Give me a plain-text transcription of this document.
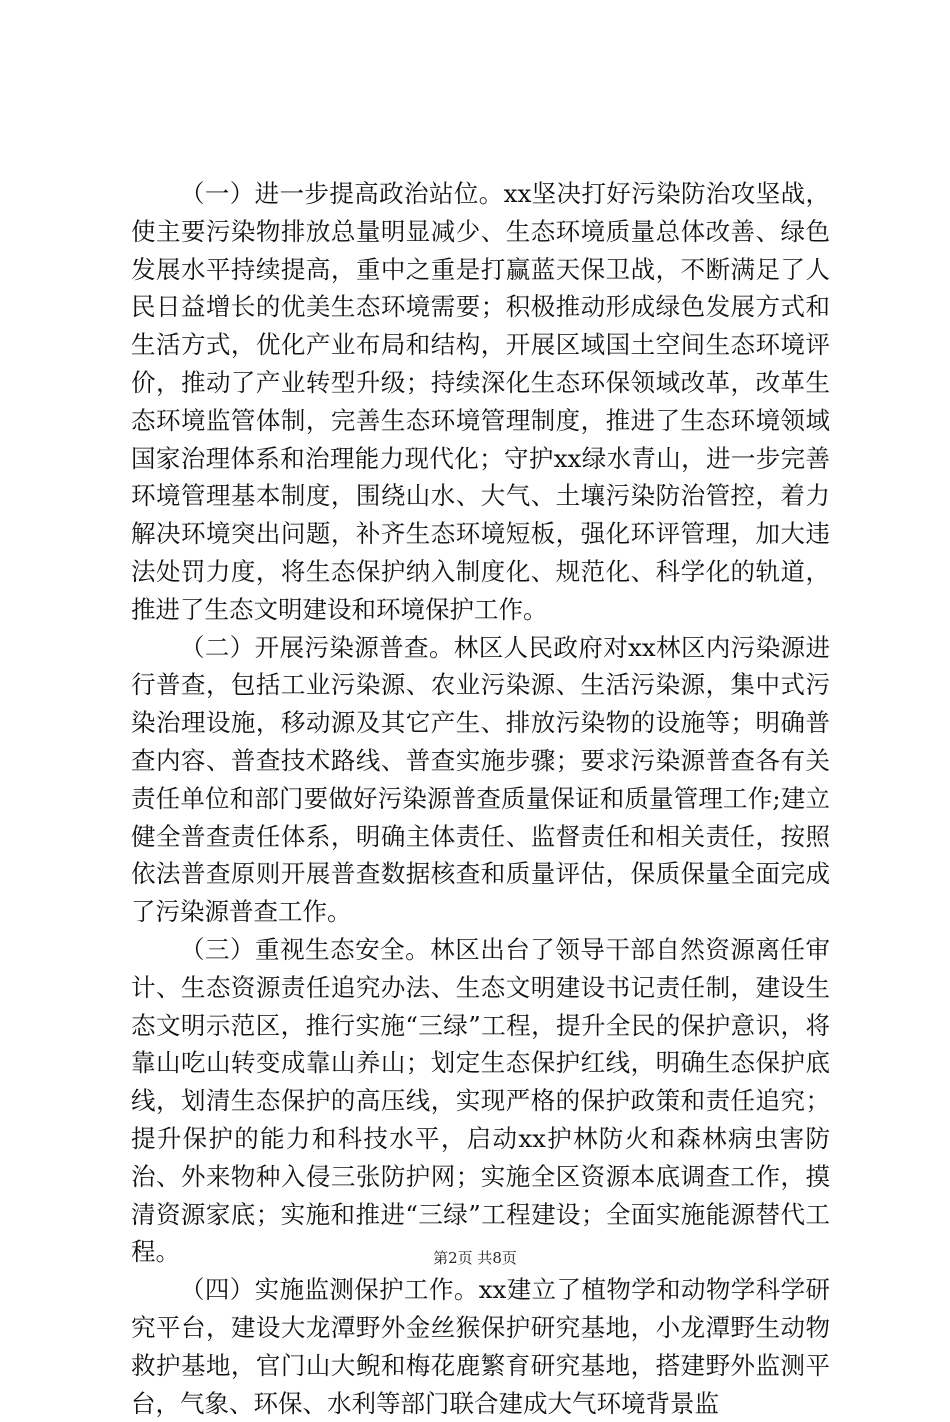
（一）进一步提高政治站位。xx坚决打好污染防治攻坚战，使主要污染物排放总量明显减少、生态环境质量总体改善、绿色发展水平持续提高，重中之重是打赢蓝天保卫战，不断满足了人民日益增长的优美生态环境需要；积极推动形成绿色发展方式和生活方式，优化产业布局和结构，开展区域国土空间生态环境评价，推动了产业转型升级；持续深化生态环保领域改革，改革生态环境监管体制，完善生态环境管理制度，推进了生态环境领域国家治理体系和治理能力现代化；守护xx绿水青山，进一步完善环境管理基本制度，围绕山水、大气、土壤污染防治管控，着力解决环境突出问题，补齐生态环境短板，强化环评管理，加大违法处罚力度，将生态保护纳入制度化、规范化、科学化的轨道，推进了生态文明建设和环境保护工作。

（二）开展污染源普查。林区人民政府对xx林区内污染源进行普查，包括工业污染源、农业污染源、生活污染源，集中式污染治理设施，移动源及其它产生、排放污染物的设施等；明确普查内容、普查技术路线、普查实施步骤；要求污染源普查各有关责任单位和部门要做好污染源普查质量保证和质量管理工作;建立健全普查责任体系，明确主体责任、监督责任和相关责任，按照依法普查原则开展普查数据核查和质量评估，保质保量全面完成了污染源普查工作。

（三）重视生态安全。林区出台了领导干部自然资源离任审计、生态资源责任追究办法、生态文明建设书记责任制，建设生态文明示范区，推行实施“三绿”工程，提升全民的保护意识，将靠山吃山转变成靠山养山；划定生态保护红线，明确生态保护底线，划清生态保护的高压线，实现严格的保护政策和责任追究；提升保护的能力和科技水平，启动xx护林防火和森林病虫害防治、外来物种入侵三张防护网；实施全区资源本底调查工作，摸清资源家底；实施和推进“三绿”工程建设；全面实施能源替代工程。

（四）实施监测保护工作。xx建立了植物学和动物学科学研究平台，建设大龙潭野外金丝猴保护研究基地，小龙潭野生动物救护基地，官门山大鲵和梅花鹿繁育研究基地，搭建野外监测平台，气象、环保、水利等部门联合建成大气环境背景监

第2页 共8页
